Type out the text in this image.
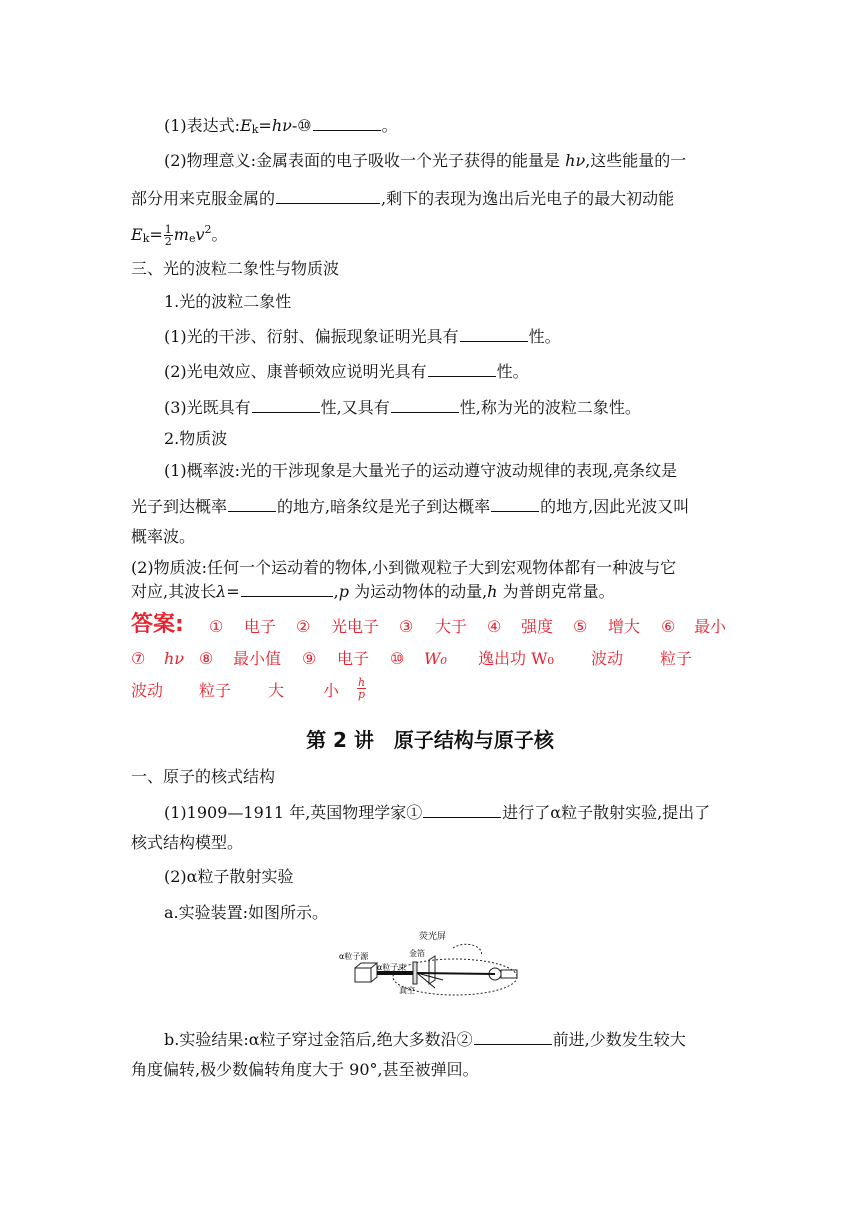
(1)表达式$:E_k=h\nu-⑩$	。
(2)物理意义:金属表面的电子吸收一个光子获得的能量是 hν,这些能量的一
部分用来克服金属的	,剩下的表现为逸出后光电子的最大初动能
$E_k= \frac{1}{2} m_ev^2$。
三、光的波粒二象性与物质波
1.光的波粒二象性
(1)光的干涉、衍射、偏振现象证明光具有	性。
(2)光电效应、康普顿效应说明光具有	性。
(3)光既具有	性,又具有	性,称为光的波粒二象性。
2.物质波
(1)概率波:光的干涉现象是大量光子的运动遵守波动规律的表现,亮条纹是
光子到达概率	的地方,暗条纹是光子到达概率	的地方,因此光波又叫
概率波。
(2)物质波:任何一个运动着的物体,小到微观粒子大到宏观物体都有一种波与它
对应,其波长λ=	,p 为运动物体的动量,h 为普朗克常量。
答案: ① 电子 ② 光电子 ③ 大于 ④ 强度 ⑤ 增大 ⑥ 最小
⑦ hν ⑧ 最小值 ⑨ 电子 ⑩ W₀ 逸出功 W₀ 波动 粒子
波动 粒子 大 小 $\frac{h}{p}$
第 2 讲　原子结构与原子核
一、原子的核式结构
(1)1909—1911 年,英国物理学家①	进行了α粒子散射实验,提出了
核式结构模型。
(2)α粒子散射实验
a.实验装置:如图所示。
荧光屏
α粒子源	金箔
α粒子束
真空
b.实验结果:α粒子穿过金箔后,绝大多数沿②	前进,少数发生较大
角度偏转,极少数偏转角度大于 90°,甚至被弹回。
